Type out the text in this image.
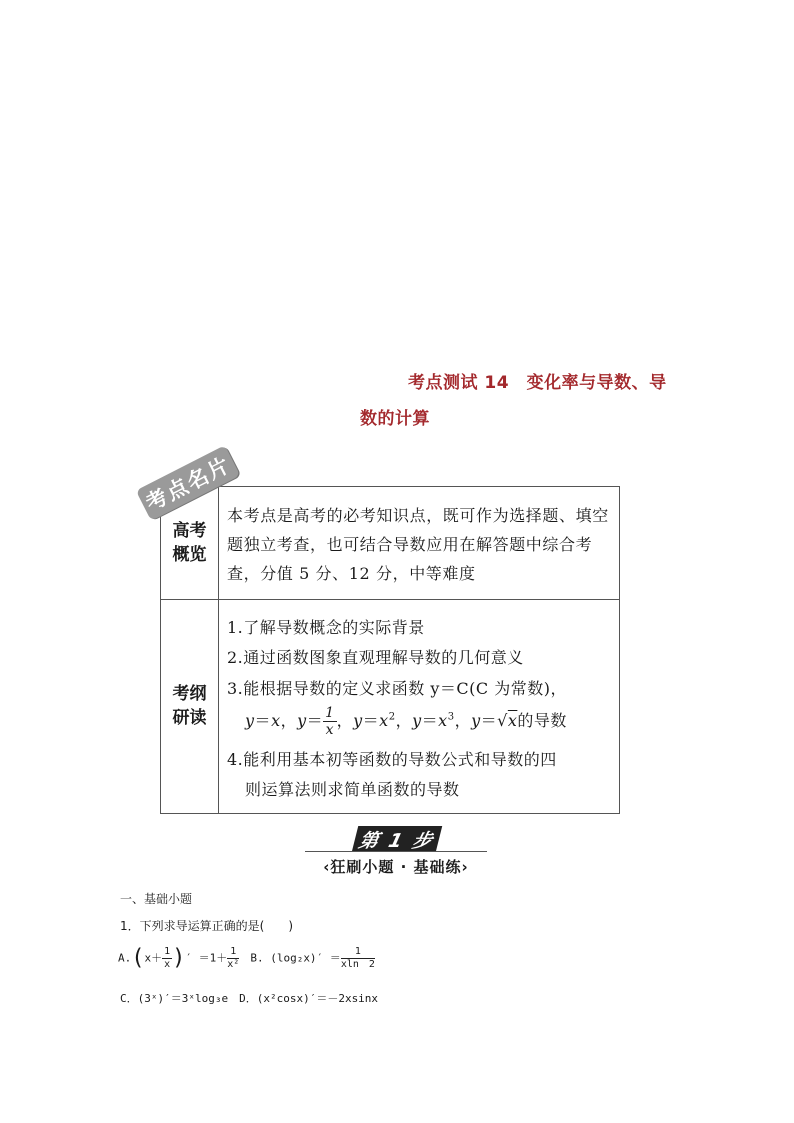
考点测试 14　变化率与导数、导
数的计算
高考
概览
本考点是高考的必考知识点，既可作为选择题、填空题独立考查，也可结合导数应用在解答题中综合考查，分值 5 分、12 分，中等难度
考纲
研读
1.了解导数概念的实际背景
2.通过函数图象直观理解导数的几何意义
3.能根据导数的定义求函数 y＝C(C 为常数)，
y＝x，$y= \frac{1}{x}$ ，$y=x^2$，$y=x^3$，y＝√x的导数
4.能利用基本初等函数的导数公式和导数的四
则运算法则求简单函数的导数
考点名片
第 1 步
‹狂刷小题 · 基础练›
一、基础小题
1．下列求导运算正确的是(　　)
$A.(x+ \frac{1}{x}$ )′ $=1+ \frac{1}{\text{x²}}$
　 B. $(\log_2x)' = \frac{1}{xln 2}$
C．(3ˣ)′＝3ˣlog₃e　D．(x²cosx)′＝－2xsinx
